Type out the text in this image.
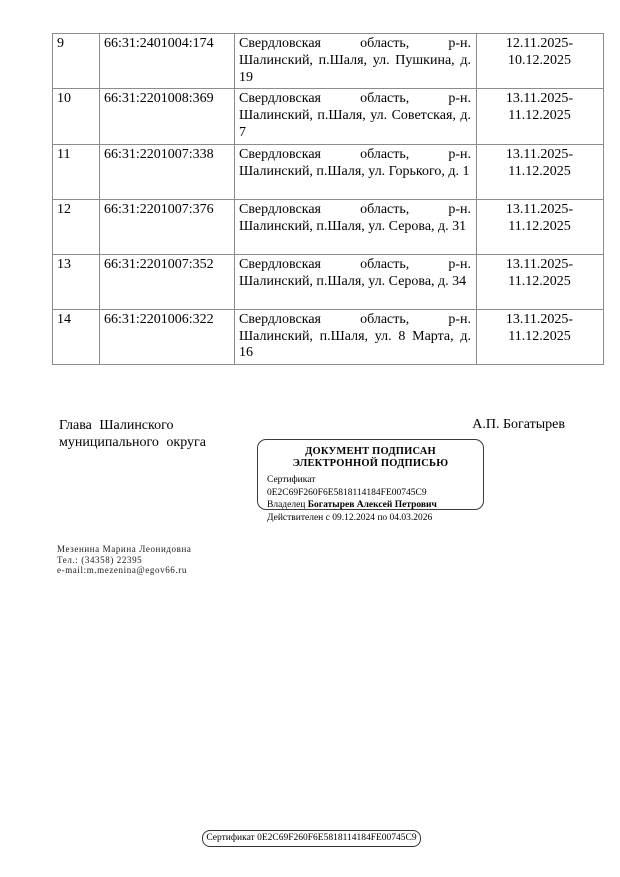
9	66:31:2401004:174	Свердловская область, р-н. Шалинский, п.Шаля, ул. Пушкина, д. 19	12.11.2025-10.12.2025
10	66:31:2201008:369	Свердловская область, р-н. Шалинский, п.Шаля, ул. Советская, д. 7	13.11.2025-11.12.2025
11	66:31:2201007:338	Свердловская область, р-н. Шалинский, п.Шаля, ул. Горького, д. 1	13.11.2025-11.12.2025
12	66:31:2201007:376	Свердловская область, р-н. Шалинский, п.Шаля, ул. Серова, д. 31	13.11.2025-11.12.2025
13	66:31:2201007:352	Свердловская область, р-н. Шалинский, п.Шаля, ул. Серова, д. 34	13.11.2025-11.12.2025
14	66:31:2201006:322	Свердловская область, р-н. Шалинский, п.Шаля, ул. 8 Марта, д. 16	13.11.2025-11.12.2025
Глава Шалинского
муниципального округа
А.П. Богатырев
ДОКУМЕНТ ПОДПИСАН
ЭЛЕКТРОННОЙ ПОДПИСЬЮ
Сертификат 0E2C69F260F6E5818114184FE00745C9
Владелец Богатырев Алексей Петрович
Действителен с 09.12.2024 по 04.03.2026
Мезенина Марина Леонидовна
Тел.: (34358) 22395
e-mail:m.mezenina@egov66.ru
Сертификат 0E2C69F260F6E5818114184FE00745C9
